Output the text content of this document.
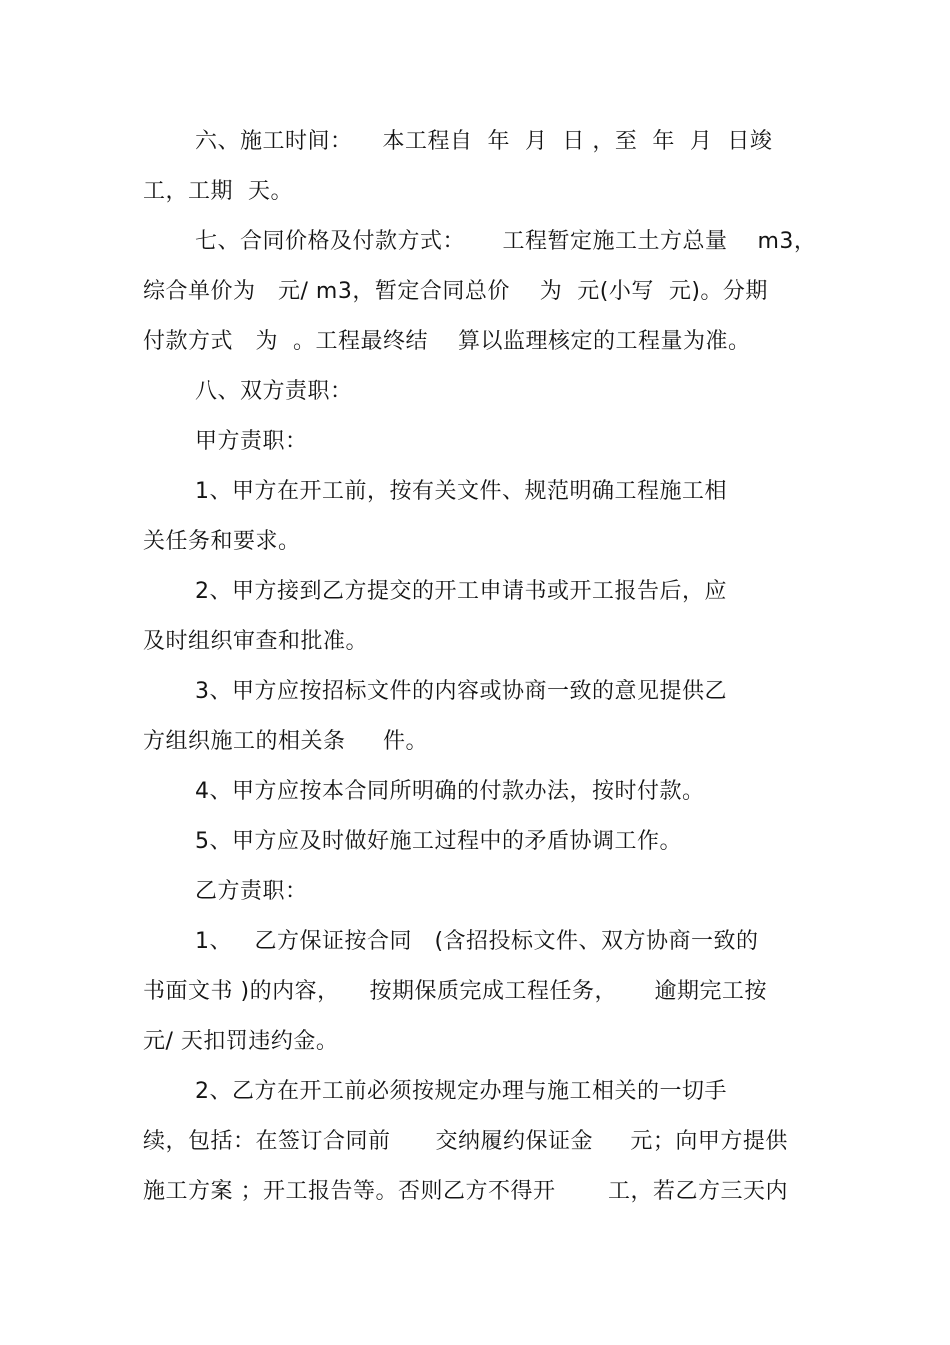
六、施工时间：    本工程自  年  月  日 ，至  年  月  日竣

工，工期  天。

七、合同价格及付款方式：     工程暂定施工土方总量    m3，

综合单价为   元/ m3，暂定合同总价    为  元(小写  元)。分期

付款方式   为  。工程最终结    算以监理核定的工程量为准。

八、双方责职：

甲方责职：

1、甲方在开工前，按有关文件、规范明确工程施工相

关任务和要求。

2、甲方接到乙方提交的开工申请书或开工报告后，应

及时组织审查和批准。

3、甲方应按招标文件的内容或协商一致的意见提供乙

方组织施工的相关条     件。

4、甲方应按本合同所明确的付款办法，按时付款。

5、甲方应及时做好施工过程中的矛盾协调工作。

乙方责职：

1、   乙方保证按合同   (含招投标文件、双方协商一致的

书面文书 )的内容，    按期保质完成工程任务，     逾期完工按

元/ 天扣罚违约金。

2、乙方在开工前必须按规定办理与施工相关的一切手

续，包括：在签订合同前      交纳履约保证金     元；向甲方提供

施工方案 ；开工报告等。否则乙方不得开       工，若乙方三天内
